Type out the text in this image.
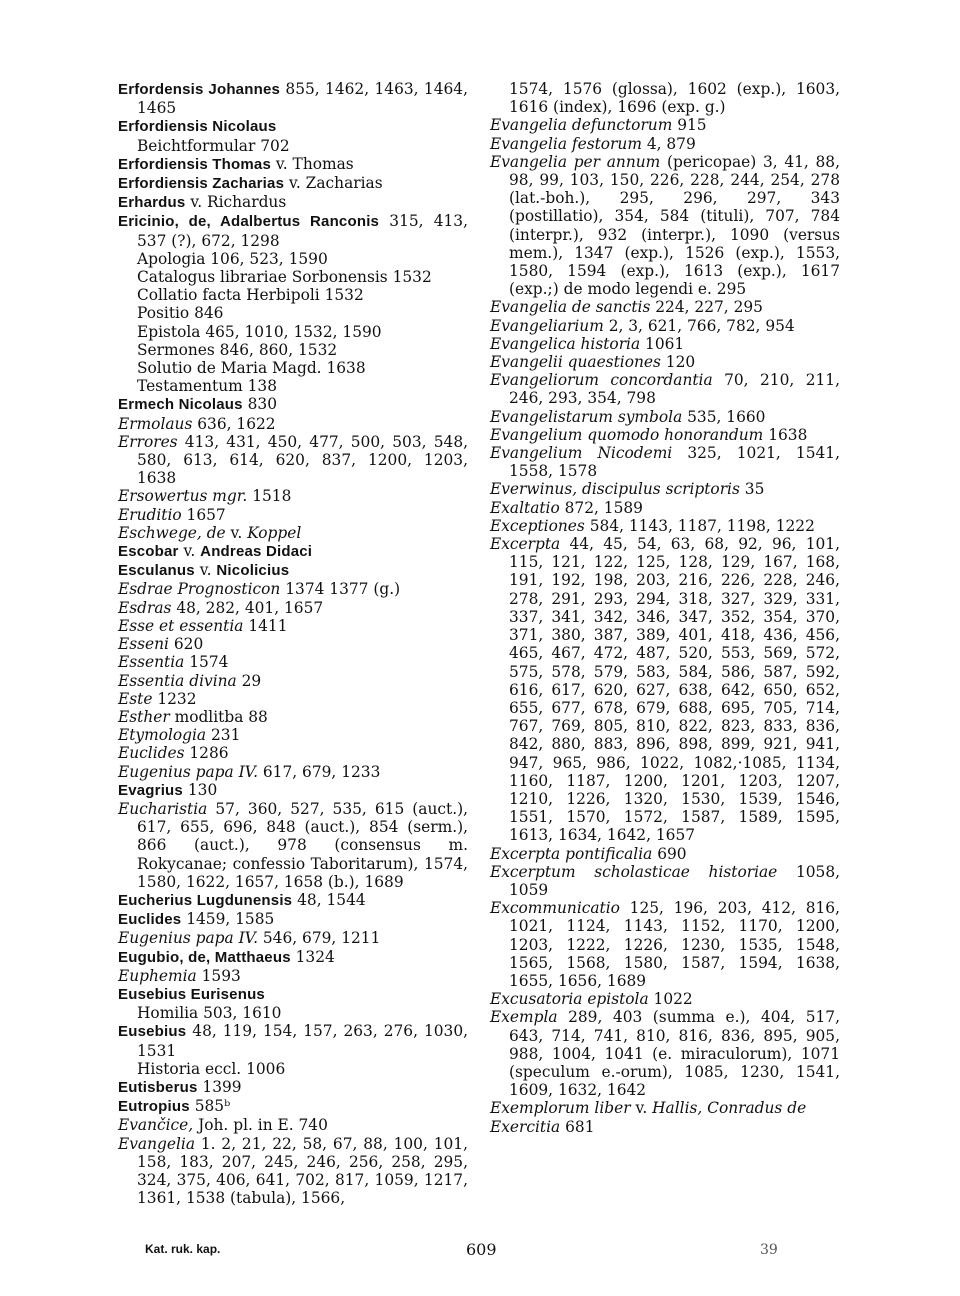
Erfordensis Johannes 855, 1462, 1463, 1464, 1465
Erfordiensis Nicolaus
Beichtformular 702
Erfordiensis Thomas v. Thomas
Erfordiensis Zacharias v. Zacharias
Erhardus v. Richardus
Ericinio, de, Adalbertus Ranconis 315, 413, 537 (?), 672, 1298
Apologia 106, 523, 1590
Catalogus librariae Sorbonensis 1532
Collatio facta Herbipoli 1532
Positio 846
Epistola 465, 1010, 1532, 1590
Sermones 846, 860, 1532
Solutio de Maria Magd. 1638
Testamentum 138
Ermech Nicolaus 830
Ermolaus 636, 1622
Errores 413, 431, 450, 477, 500, 503, 548, 580, 613, 614, 620, 837, 1200, 1203, 1638
Ersowertus mgr. 1518
Eruditio 1657
Eschwege, de v. Koppel
Escobar v. Andreas Didaci
Esculanus v. Nicolicius
Esdrae Prognosticon 1374 1377 (g.)
Esdras 48, 282, 401, 1657
Esse et essentia 1411
Esseni 620
Essentia 1574
Essentia divina 29
Este 1232
Esther modlitba 88
Etymologia 231
Euclides 1286
Eugenius papa IV. 617, 679, 1233
Evagrius 130
Eucharistia 57, 360, 527, 535, 615 (auct.), 617, 655, 696, 848 (auct.), 854 (serm.), 866 (auct.), 978 (consensus m. Rokycanae; confessio Taboritarum), 1574, 1580, 1622, 1657, 1658 (b.), 1689
Eucherius Lugdunensis 48, 1544
Euclides 1459, 1585
Eugenius papa IV. 546, 679, 1211
Eugubio, de, Matthaeus 1324
Euphemia 1593
Eusebius Eurisenus
Homilia 503, 1610
Eusebius 48, 119, 154, 157, 263, 276, 1030, 1531
Historia eccl. 1006
Eutisberus 1399
Eutropius 585ᵇ
Evančice, Joh. pl. in E. 740
Evangelia 1. 2, 21, 22, 58, 67, 88, 100, 101, 158, 183, 207, 245, 246, 256, 258, 295, 324, 375, 406, 641, 702, 817, 1059, 1217, 1361, 1538 (tabula), 1566,
1574, 1576 (glossa), 1602 (exp.), 1603, 1616 (index), 1696 (exp. g.)
Evangelia defunctorum 915
Evangelia festorum 4, 879
Evangelia per annum (pericopae) 3, 41, 88, 98, 99, 103, 150, 226, 228, 244, 254, 278 (lat.-boh.), 295, 296, 297, 343 (postillatio), 354, 584 (tituli), 707, 784 (interpr.), 932 (interpr.), 1090 (versus mem.), 1347 (exp.), 1526 (exp.), 1553, 1580, 1594 (exp.), 1613 (exp.), 1617 (exp.;) de modo legendi e. 295
Evangelia de sanctis 224, 227, 295
Evangeliarium 2, 3, 621, 766, 782, 954
Evangelica historia 1061
Evangelii quaestiones 120
Evangeliorum concordantia 70, 210, 211, 246, 293, 354, 798
Evangelistarum symbola 535, 1660
Evangelium quomodo honorandum 1638
Evangelium Nicodemi 325, 1021, 1541, 1558, 1578
Everwinus, discipulus scriptoris 35
Exaltatio 872, 1589
Exceptiones 584, 1143, 1187, 1198, 1222
Excerpta 44, 45, 54, 63, 68, 92, 96, 101, 115, 121, 122, 125, 128, 129, 167, 168, 191, 192, 198, 203, 216, 226, 228, 246, 278, 291, 293, 294, 318, 327, 329, 331, 337, 341, 342, 346, 347, 352, 354, 370, 371, 380, 387, 389, 401, 418, 436, 456, 465, 467, 472, 487, 520, 553, 569, 572, 575, 578, 579, 583, 584, 586, 587, 592, 616, 617, 620, 627, 638, 642, 650, 652, 655, 677, 678, 679, 688, 695, 705, 714, 767, 769, 805, 810, 822, 823, 833, 836, 842, 880, 883, 896, 898, 899, 921, 941, 947, 965, 986, 1022, 1082,·1085, 1134, 1160, 1187, 1200, 1201, 1203, 1207, 1210, 1226, 1320, 1530, 1539, 1546, 1551, 1570, 1572, 1587, 1589, 1595, 1613, 1634, 1642, 1657
Excerpta pontificalia 690
Excerptum scholasticae historiae 1058, 1059
Excommunicatio 125, 196, 203, 412, 816, 1021, 1124, 1143, 1152, 1170, 1200, 1203, 1222, 1226, 1230, 1535, 1548, 1565, 1568, 1580, 1587, 1594, 1638, 1655, 1656, 1689
Excusatoria epistola 1022
Exempla 289, 403 (summa e.), 404, 517, 643, 714, 741, 810, 816, 836, 895, 905, 988, 1004, 1041 (e. miraculorum), 1071 (speculum e.-orum), 1085, 1230, 1541, 1609, 1632, 1642
Exemplorum liber v. Hallis, Conradus de
Exercitia 681
Kat. ruk. kap.	609	39
